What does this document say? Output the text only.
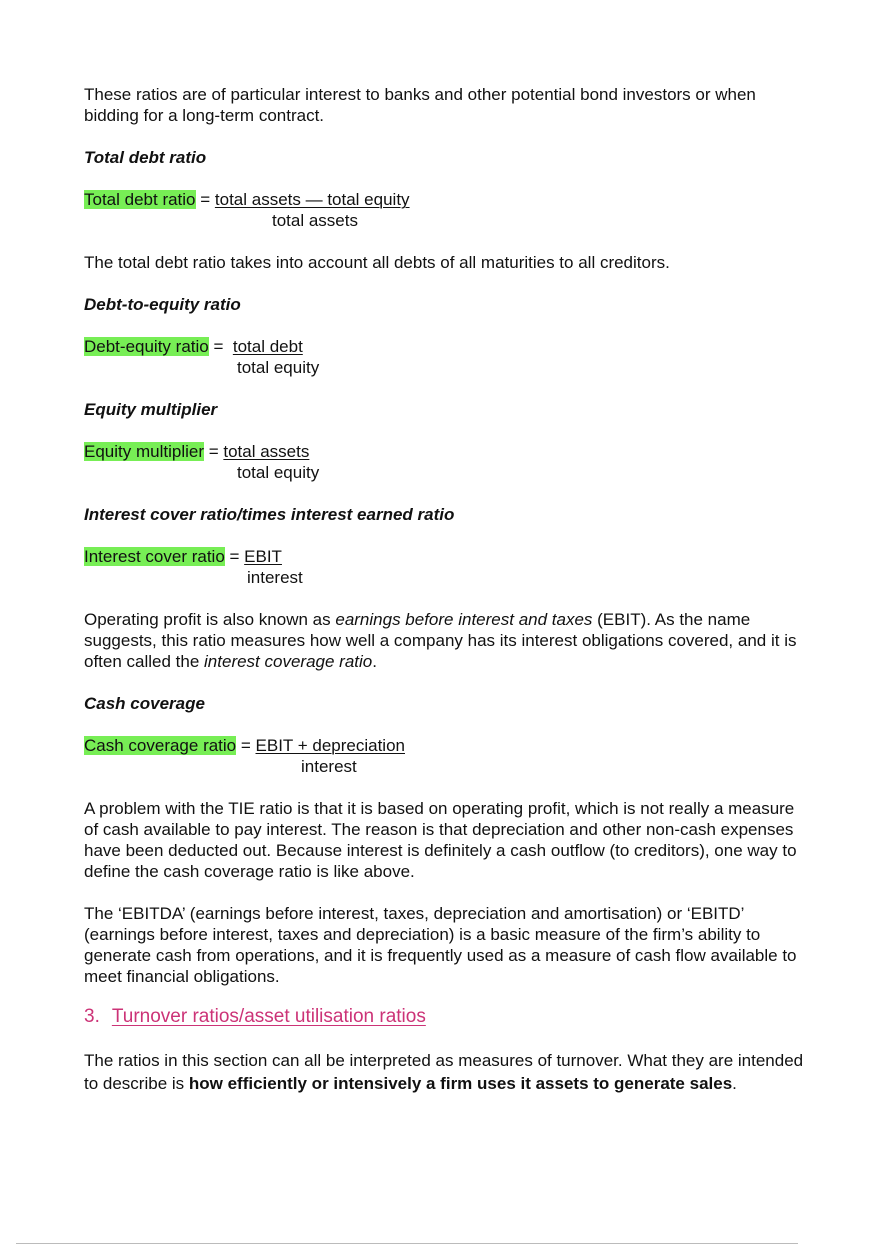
These ratios are of particular interest to banks and other potential bond investors or when bidding for a long-term contract.

Total debt ratio

Total debt ratio = total assets — total equity
total assets

The total debt ratio takes into account all debts of all maturities to all creditors.

Debt-to-equity ratio

Debt-equity ratio =  total debt
total equity

Equity multiplier

Equity multiplier = total assets
total equity

Interest cover ratio/times interest earned ratio

Interest cover ratio = EBIT
interest

Operating profit is also known as earnings before interest and taxes (EBIT). As the name suggests, this ratio measures how well a company has its interest obligations covered, and it is often called the interest coverage ratio.

Cash coverage

Cash coverage ratio = EBIT + depreciation
interest

A problem with the TIE ratio is that it is based on operating profit, which is not really a measure of cash available to pay interest. The reason is that depreciation and other non-cash expenses have been deducted out. Because interest is definitely a cash outflow (to creditors), one way to define the cash coverage ratio is like above.

The ‘EBITDA’ (earnings before interest, taxes, depreciation and amortisation) or ‘EBITD’ (earnings before interest, taxes and depreciation) is a basic measure of the firm’s ability to generate cash from operations, and it is frequently used as a measure of cash flow available to meet financial obligations.

3. Turnover ratios/asset utilisation ratios

The ratios in this section can all be interpreted as measures of turnover. What they are intended to describe is how efficiently or intensively a firm uses it assets to generate sales.
